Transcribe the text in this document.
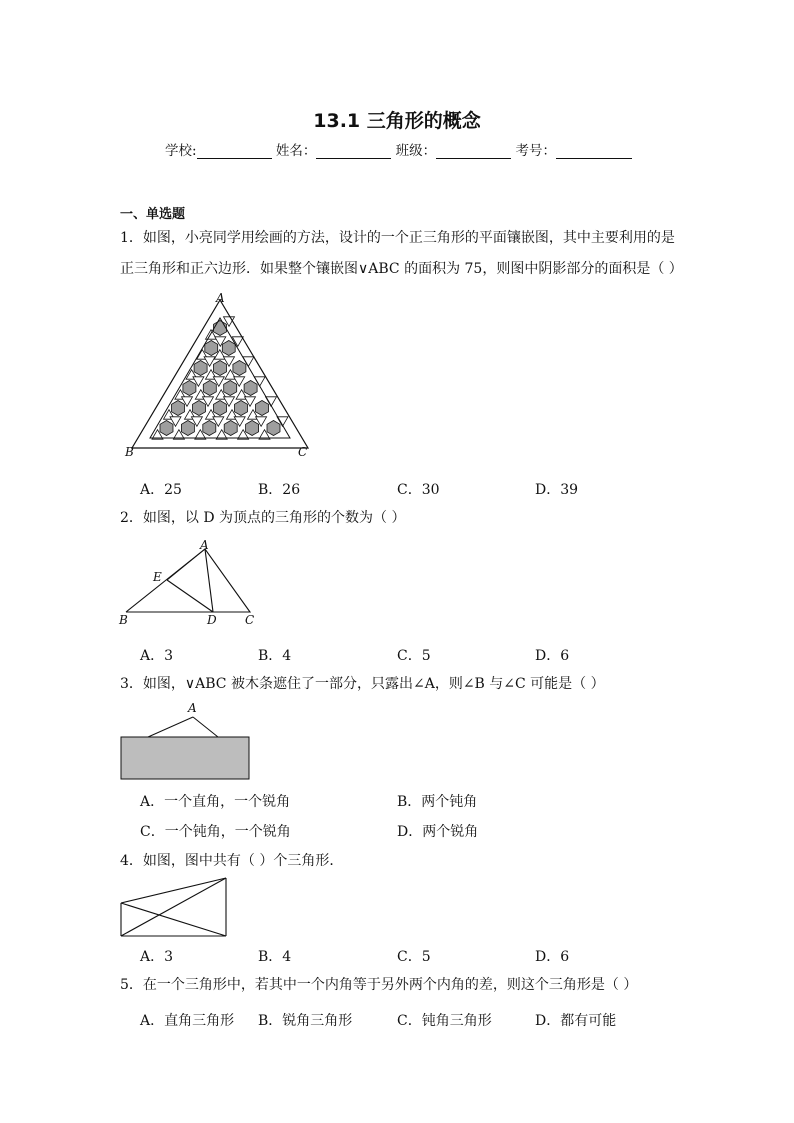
13.1 三角形的概念
学校:	姓名：	班级：	考号：
一、单选题
1．如图，小亮同学用绘画的方法，设计的一个正三角形的平面镶嵌图，其中主要利用的是
正三角形和正六边形．如果整个镶嵌图∨ABC 的面积为 75，则图中阴影部分的面积是（ ）
A
B	C
A．25	B．26	C．30	D．39
2．如图，以 D 为顶点的三角形的个数为（ ）
A
E
B	D C
A．3	B．4	C．5	D．6
3．如图，∨ABC 被木条遮住了一部分，只露出∠A，则∠B 与∠C 可能是（ ）
A
A．一个直角，一个锐角	B．两个钝角
C．一个钝角，一个锐角	D．两个锐角
4．如图，图中共有（ ）个三角形．
A．3	B．4	C．5	D．6
5．在一个三角形中，若其中一个内角等于另外两个内角的差，则这个三角形是（ ）
A．直角三角形 B．锐角三角形	C．钝角三角形	D．都有可能
